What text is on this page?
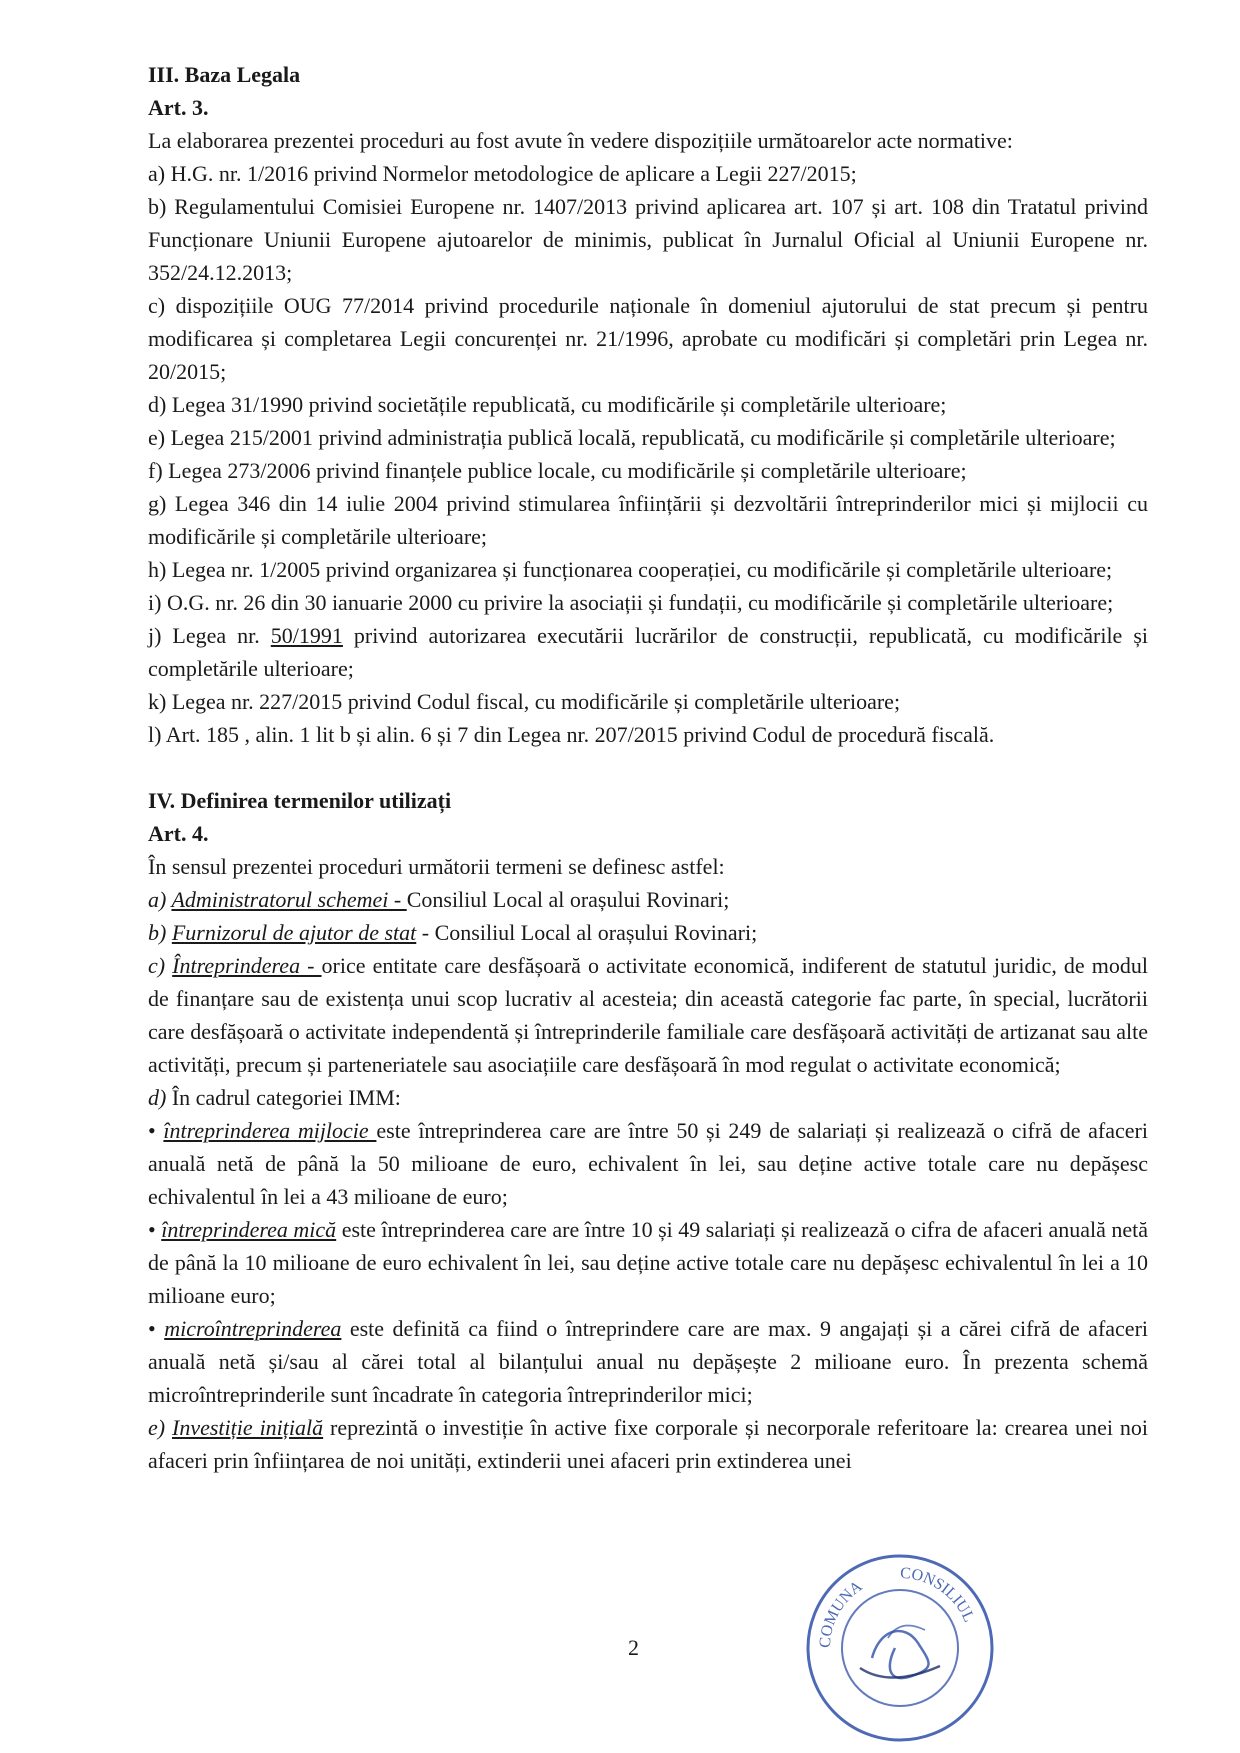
III. Baza Legala

Art. 3.

La elaborarea prezentei proceduri au fost avute în vedere dispozițiile următoarelor acte normative:

a) H.G. nr. 1/2016 privind Normelor metodologice de aplicare a Legii 227/2015;

b) Regulamentului Comisiei Europene nr. 1407/2013 privind aplicarea art. 107 și art. 108 din Tratatul privind Funcționare Uniunii Europene ajutoarelor de minimis, publicat în Jurnalul Oficial al Uniunii Europene nr. 352/24.12.2013;

c) dispozițiile OUG 77/2014 privind procedurile naționale în domeniul ajutorului de stat precum și pentru modificarea și completarea Legii concurenței nr. 21/1996, aprobate cu modificări și completări prin Legea nr. 20/2015;

d) Legea 31/1990 privind societățile republicată, cu modificările și completările ulterioare;

e) Legea 215/2001 privind administrația publică locală, republicată, cu modificările și completările ulterioare;

f) Legea 273/2006 privind finanțele publice locale, cu modificările și completările ulterioare;

g) Legea 346 din 14 iulie 2004 privind stimularea înființării și dezvoltării întreprinderilor mici și mijlocii cu modificările și completările ulterioare;

h) Legea nr. 1/2005 privind organizarea și funcționarea cooperației, cu modificările și completările ulterioare;

i) O.G. nr. 26 din 30 ianuarie 2000 cu privire la asociații și fundații, cu modificările și completările ulterioare;

j) Legea nr. 50/1991 privind autorizarea executării lucrărilor de construcții, republicată, cu modificările și completările ulterioare;

k) Legea nr. 227/2015 privind Codul fiscal, cu modificările și completările ulterioare;

l) Art. 185 , alin. 1 lit b și alin. 6 și 7 din Legea nr. 207/2015 privind Codul de procedură fiscală.

IV. Definirea termenilor utilizați

Art. 4.

În sensul prezentei proceduri următorii termeni se definesc astfel:

a) Administratorul schemei - Consiliul Local al orașului Rovinari;

b) Furnizorul de ajutor de stat - Consiliul Local al orașului Rovinari;

c) Întreprinderea - orice entitate care desfășoară o activitate economică, indiferent de statutul juridic, de modul de finanțare sau de existența unui scop lucrativ al acesteia; din această categorie fac parte, în special, lucrătorii care desfășoară o activitate independentă și întreprinderile familiale care desfășoară activități de artizanat sau alte activități, precum și parteneriatele sau asociațiile care desfășoară în mod regulat o activitate economică;

d) În cadrul categoriei IMM:

• întreprinderea mijlocie este întreprinderea care are între 50 și 249 de salariați și realizează o cifră de afaceri anuală netă de până la 50 milioane de euro, echivalent în lei, sau deține active totale care nu depășesc echivalentul în lei a 43 milioane de euro;

• întreprinderea mică este întreprinderea care are între 10 și 49 salariați și realizează o cifra de afaceri anuală netă de până la 10 milioane de euro echivalent în lei, sau deține active totale care nu depășesc echivalentul în lei a 10 milioane euro;

• microîntreprinderea este definită ca fiind o întreprindere care are max. 9 angajați și a cărei cifră de afaceri anuală netă și/sau al cărei total al bilanțului anual nu depășește 2 milioane euro. În prezenta schemă microîntreprinderile sunt încadrate în categoria întreprinderilor mici;

e) Investiție inițială reprezintă o investiție în active fixe corporale și necorporale referitoare la: crearea unei noi afaceri prin înființarea de noi unități, extinderii unei afaceri prin extinderea unei

2	COMUNA
CONSILIUL
